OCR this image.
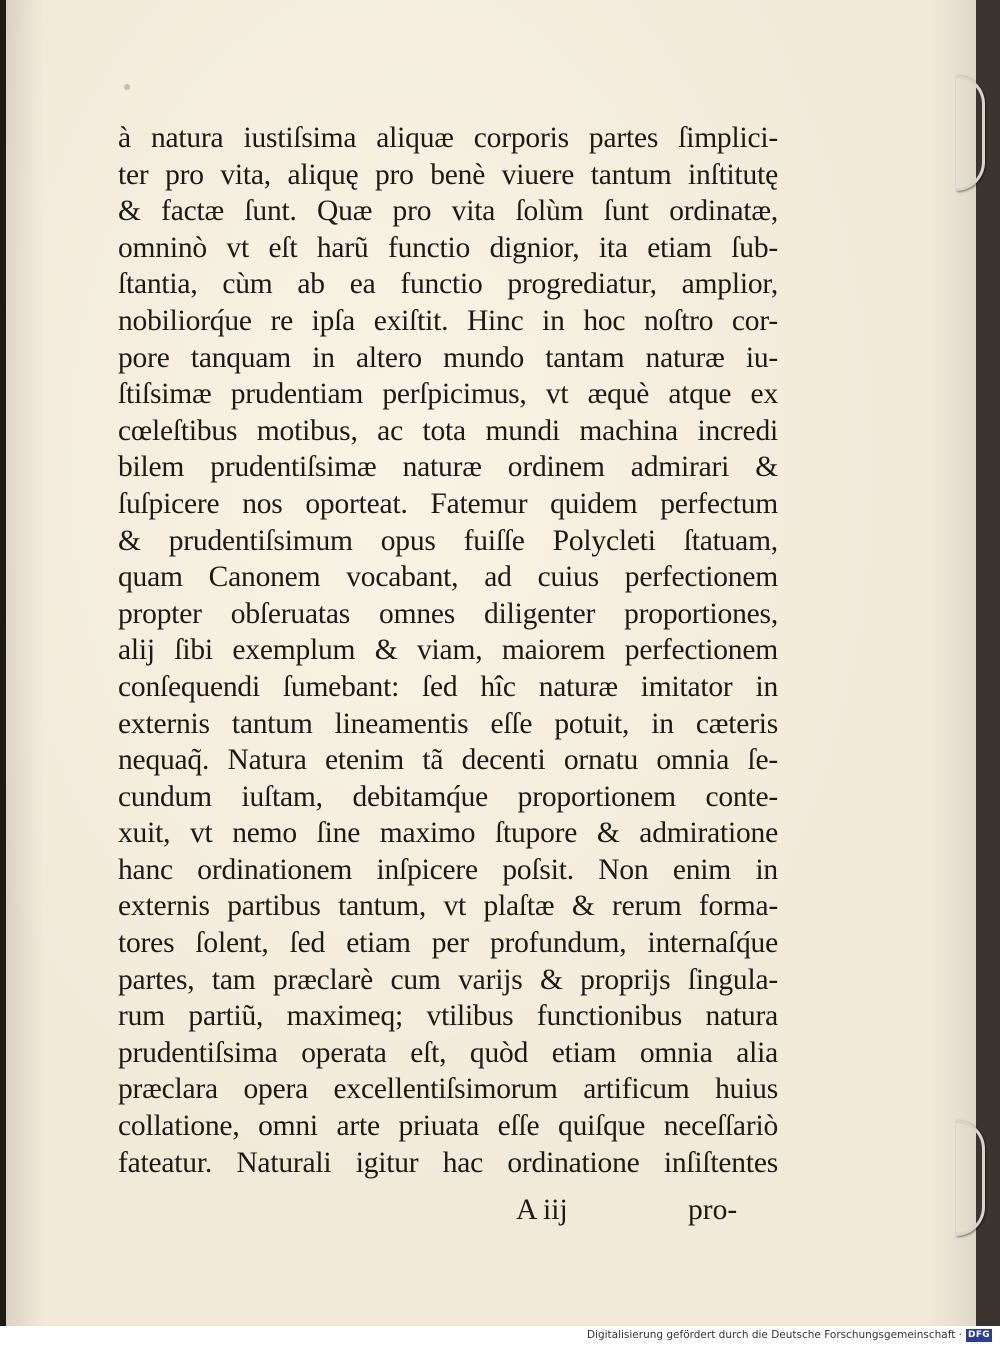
à natura iustiſsima aliquæ corporis partes ſimplici-
ter pro vita, aliquę pro benè viuere tantum inſtitutę
& factæ ſunt. Quæ pro vita ſolùm ſunt ordinatæ,
omninò vt eſt harũ functio dignior, ita etiam ſub-
ſtantia, cùm ab ea functio progrediatur, amplior,
nobiliorq́ue re ipſa exiſtit. Hinc in hoc noſtro cor-
pore tanquam in altero mundo tantam naturæ iu-
ſtiſsimæ prudentiam perſpicimus, vt æquè atque ex
cœleſtibus motibus, ac tota mundi machina incredi
bilem prudentiſsimæ naturæ ordinem admirari &
ſuſpicere nos oporteat. Fatemur quidem perfectum
& prudentiſsimum opus fuiſſe Polycleti ſtatuam,
quam Canonem vocabant, ad cuius perfectionem
propter obſeruatas omnes diligenter proportiones,
alij ſibi exemplum & viam, maiorem perfectionem
conſequendi ſumebant: ſed hîc naturæ imitator in
externis tantum lineamentis eſſe potuit, in cæteris
nequaq̃. Natura etenim tã decenti ornatu omnia ſe-
cundum iuſtam, debitamq́ue proportionem conte-
xuit, vt nemo ſine maximo ſtupore & admiratione
hanc ordinationem inſpicere poſsit. Non enim in
externis partibus tantum, vt plaſtæ & rerum forma-
tores ſolent, ſed etiam per profundum, internaſq́ue
partes, tam præclarè cum varijs & proprijs ſingula-
rum partiũ, maximeq; vtilibus functionibus natura
prudentiſsima operata eſt, quòd etiam omnia alia
præclara opera excellentiſsimorum artificum huius
collatione, omni arte priuata eſſe quiſque neceſſariò
fateatur. Naturali igitur hac ordinatione inſiſtentes
A iij	pro-
Digitalisierung gefördert durch die Deutsche Forschungsgemeinschaft · DFG
